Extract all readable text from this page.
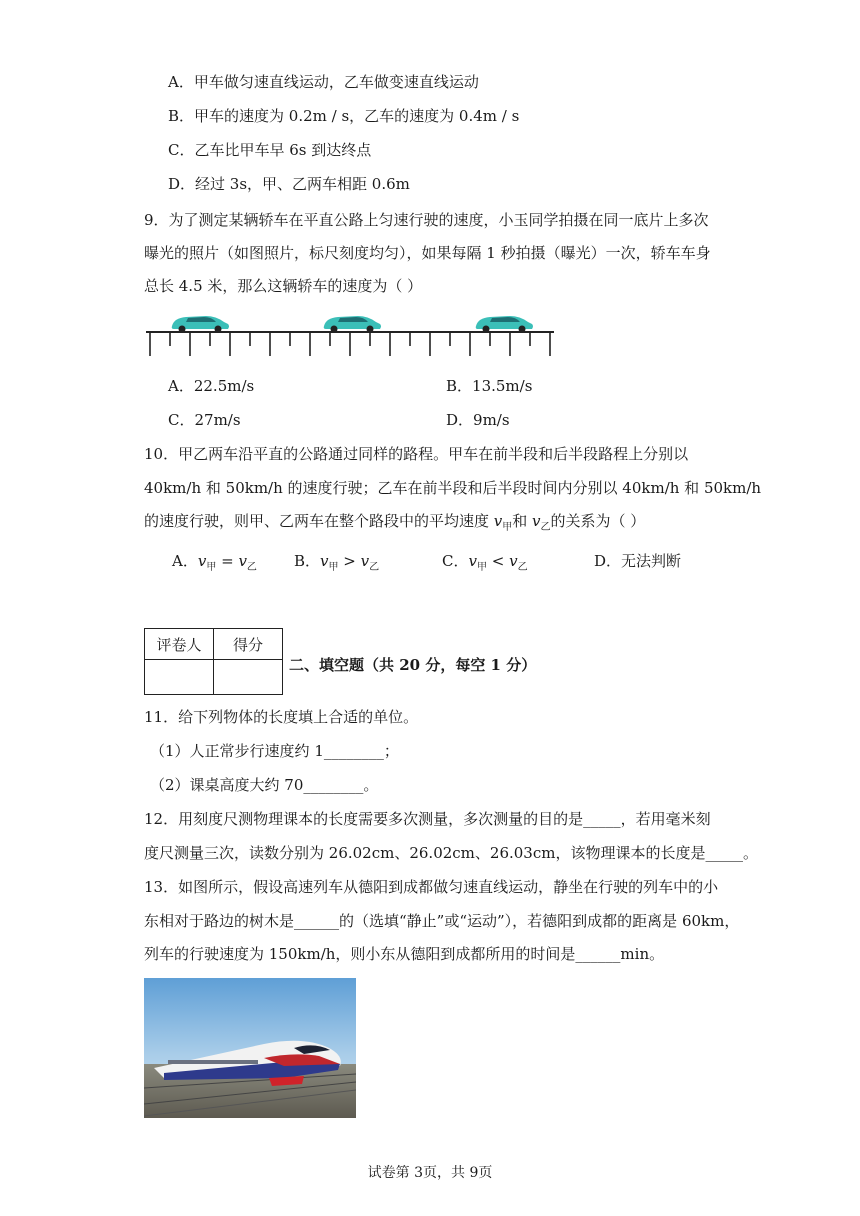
A．甲车做匀速直线运动，乙车做变速直线运动
B．甲车的速度为 0.2m / s，乙车的速度为 0.4m / s
C．乙车比甲车早 6s 到达终点
D．经过 3s，甲、乙两车相距 0.6m
9．为了测定某辆轿车在平直公路上匀速行驶的速度，小玉同学拍摄在同一底片上多次
曝光的照片（如图照片，标尺刻度均匀），如果每隔 1 秒拍摄（曝光）一次，轿车车身
总长 4.5 米，那么这辆轿车的速度为（ ）
A．22.5m/s	B．13.5m/s
C．27m/s	D．9m/s
10．甲乙两车沿平直的公路通过同样的路程。甲车在前半段和后半段路程上分别以
40km/h 和 50km/h 的速度行驶；乙车在前半段和后半段时间内分别以 40km/h 和 50km/h
的速度行驶，则甲、乙两车在整个路段中的平均速度 $v_甲$和 $v_乙$的关系为（ ）
A．$v_甲 = v_乙$ B．$v_甲 > v_乙$	C．$v_甲 < v_乙$	D．无法判断
评卷人	得分

二、填空题（共 20 分，每空 1 分）
11．给下列物体的长度填上合适的单位。
（1）人正常步行速度约 1________；
（2）课桌高度大约 70________。
12．用刻度尺测物理课本的长度需要多次测量，多次测量的目的是_____，若用毫米刻
度尺测量三次，读数分别为 26.02cm、26.02cm、26.03cm，该物理课本的长度是_____。
13．如图所示，假设高速列车从德阳到成都做匀速直线运动，静坐在行驶的列车中的小
东相对于路边的树木是______的（选填“静止”或“运动”），若德阳到成都的距离是 60km，
列车的行驶速度为 150km/h，则小东从德阳到成都所用的时间是______min。
试卷第 3页，共 9页
